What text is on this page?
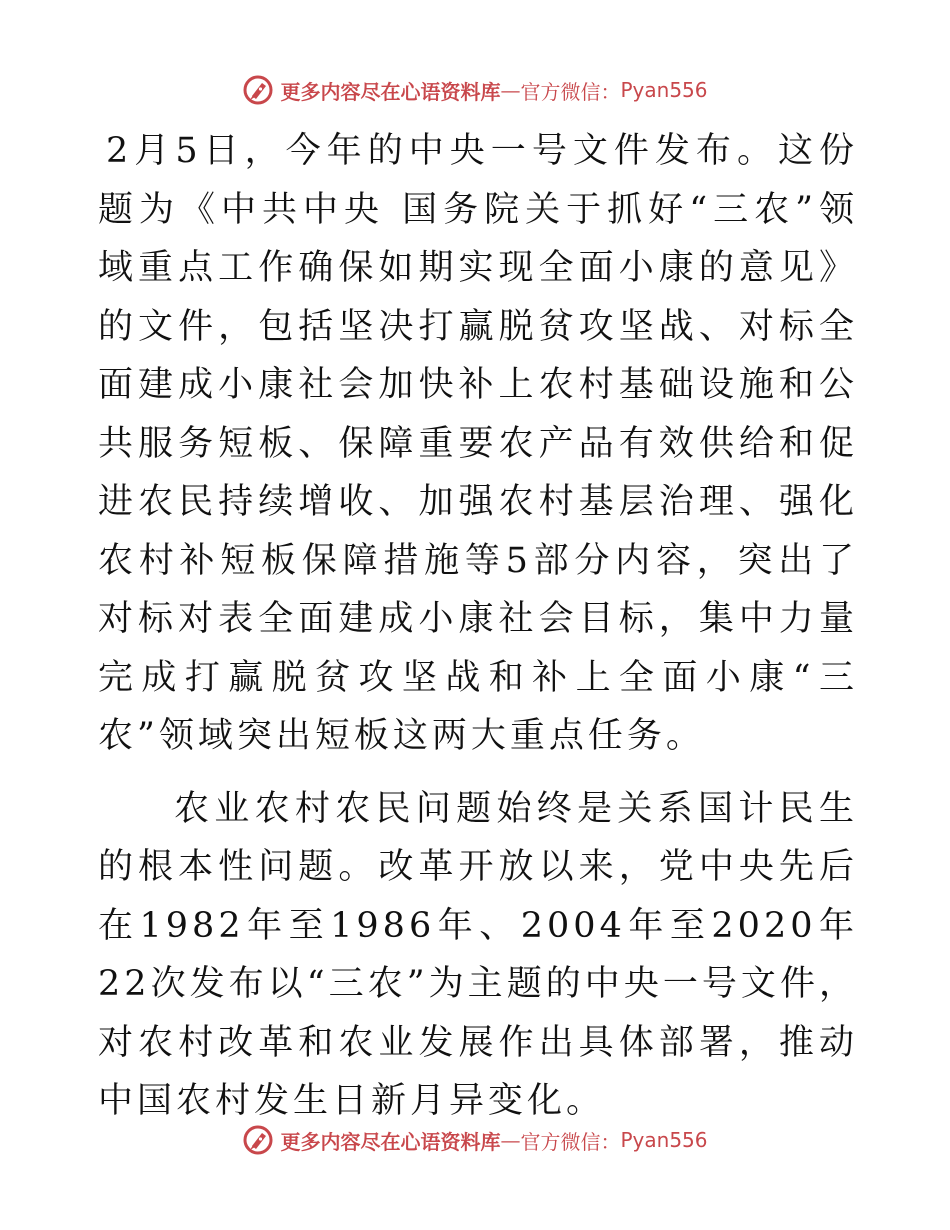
更多内容尽在心语资料库 — 官方微信： Pyan556

2月5日，今年的中央一号文件发布。这份题为《中共中央 国务院关于抓好“三农”领域重点工作确保如期实现全面小康的意见》的文件，包括坚决打赢脱贫攻坚战、对标全面建成小康社会加快补上农村基础设施和公共服务短板、保障重要农产品有效供给和促进农民持续增收、加强农村基层治理、强化农村补短板保障措施等5部分内容，突出了对标对表全面建成小康社会目标，集中力量完成打赢脱贫攻坚战和补上全面小康“三农”领域突出短板这两大重点任务。

农业农村农民问题始终是关系国计民生的根本性问题。改革开放以来，党中央先后在1982年至1986年、2004年至2020年22次发布以“三农”为主题的中央一号文件，对农村改革和农业发展作出具体部署，推动中国农村发生日新月异变化。

更多内容尽在心语资料库 — 官方微信： Pyan556
